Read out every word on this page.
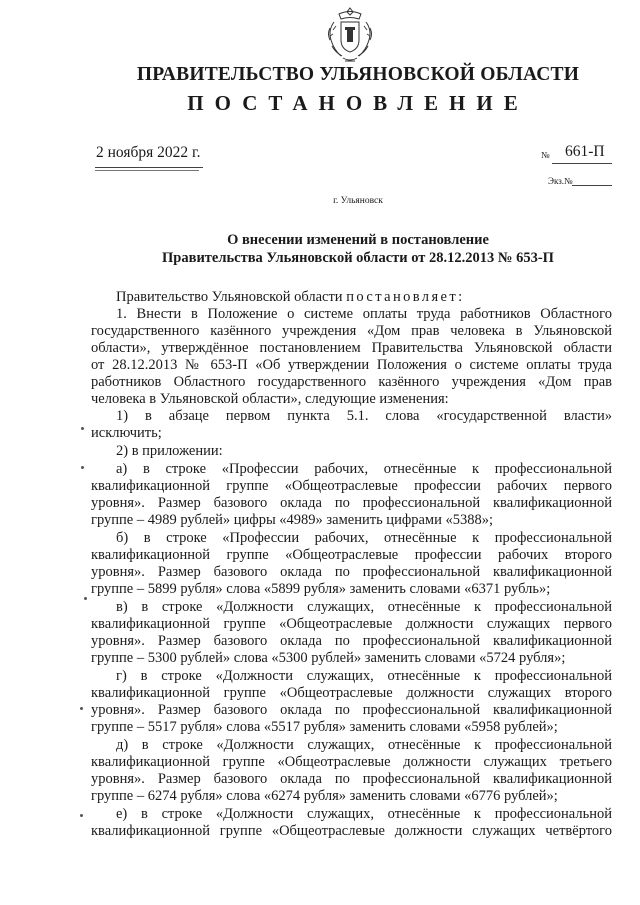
ПРАВИТЕЛЬСТВО УЛЬЯНОВСКОЙ ОБЛАСТИ
ПОСТАНОВЛЕНИЕ
2 ноября 2022 г.	№ 661-П
Экз.№
г. Ульяновск
О внесении изменений в постановление
Правительства Ульяновской области от 28.12.2013 № 653-П
Правительство Ульяновской области постановляет:
1. Внести в Положение о системе оплаты труда работников Областного
государственного казённого учреждения «Дом прав человека в Ульяновской
области», утверждённое постановлением Правительства Ульяновской области
от 28.12.2013 № 653-П «Об утверждении Положения о системе оплаты труда
работников Областного государственного казённого учреждения «Дом прав
человека в Ульяновской области», следующие изменения:
1) в абзаце первом пункта 5.1. слова «государственной власти»
исключить;
2) в приложении:
а) в строке «Профессии рабочих, отнесённые к профессиональной
квалификационной группе «Общеотраслевые профессии рабочих первого
уровня». Размер базового оклада по профессиональной квалификационной
группе – 4989 рублей» цифры «4989» заменить цифрами «5388»;
б) в строке «Профессии рабочих, отнесённые к профессиональной
квалификационной группе «Общеотраслевые профессии рабочих второго
уровня». Размер базового оклада по профессиональной квалификационной
группе – 5899 рубля» слова «5899 рубля» заменить словами «6371 рубль»;
в) в строке «Должности служащих, отнесённые к профессиональной
квалификационной группе «Общеотраслевые должности служащих первого
уровня». Размер базового оклада по профессиональной квалификационной
группе – 5300 рублей» слова «5300 рублей» заменить словами «5724 рубля»;
г) в строке «Должности служащих, отнесённые к профессиональной
квалификационной группе «Общеотраслевые должности служащих второго
уровня». Размер базового оклада по профессиональной квалификационной
группе – 5517 рубля» слова «5517 рубля» заменить словами «5958 рублей»;
д) в строке «Должности служащих, отнесённые к профессиональной
квалификационной группе «Общеотраслевые должности служащих третьего
уровня». Размер базового оклада по профессиональной квалификационной
группе – 6274 рубля» слова «6274 рубля» заменить словами «6776 рублей»;
е) в строке «Должности служащих, отнесённые к профессиональной
квалификационной группе «Общеотраслевые должности служащих четвёртого
